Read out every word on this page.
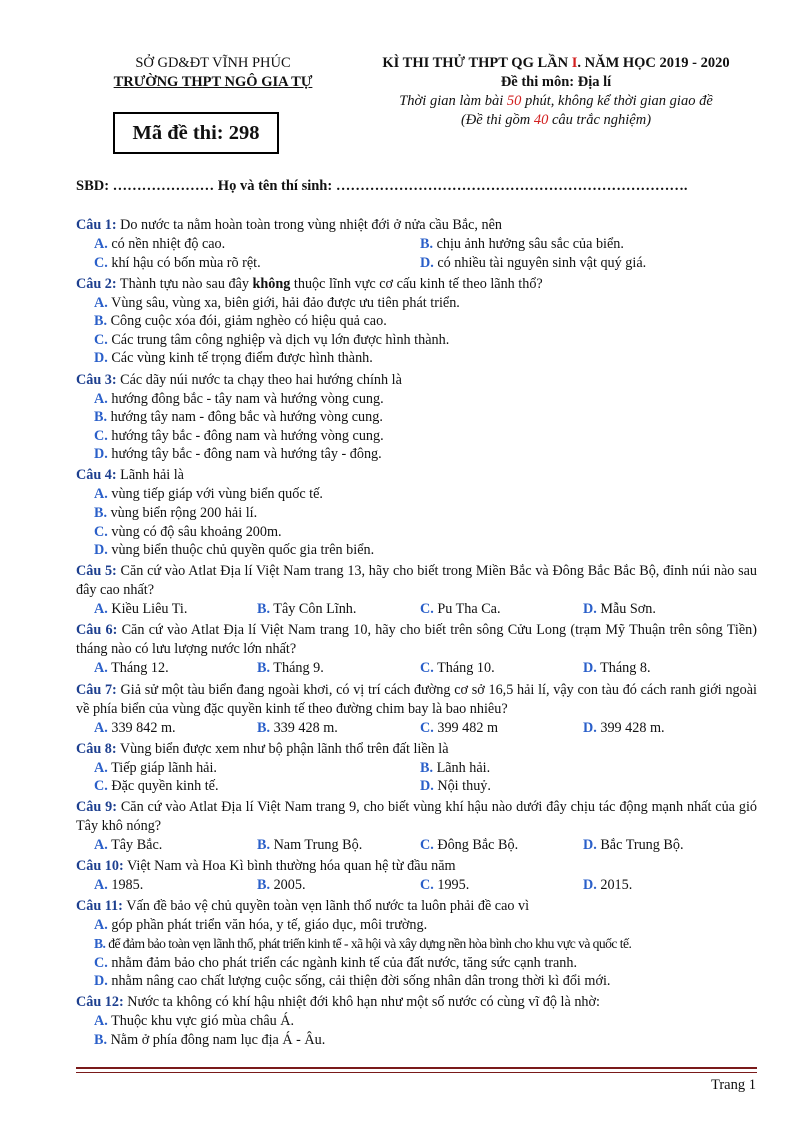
SỞ GD&ĐT VĨNH PHÚC
TRƯỜNG THPT NGÔ GIA TỰ
Mã đề thi: 298
KÌ THI THỬ THPT QG LẦN I. NĂM HỌC 2019 - 2020
Đề thi môn: Địa lí
Thời gian làm bài 50 phút, không kể thời gian giao đề
(Đề thi gồm 40 câu trắc nghiệm)
SBD: ………………… Họ và tên thí sinh: ……………………………………………………………….
Câu 1: Do nước ta nằm hoàn toàn trong vùng nhiệt đới ở nửa cầu Bắc, nên
A. có nền nhiệt độ cao.	B. chịu ảnh hưởng sâu sắc của biển.
C. khí hậu có bốn mùa rõ rệt.	D. có nhiều tài nguyên sinh vật quý giá.
Câu 2: Thành tựu nào sau đây không thuộc lĩnh vực cơ cấu kinh tế theo lãnh thổ?
A. Vùng sâu, vùng xa, biên giới, hải đảo được ưu tiên phát triển.
B. Công cuộc xóa đói, giảm nghèo có hiệu quả cao.
C. Các trung tâm công nghiệp và dịch vụ lớn được hình thành.
D. Các vùng kinh tế trọng điểm được hình thành.
Câu 3: Các dãy núi nước ta chạy theo hai hướng chính là
A. hướng đông bắc - tây nam và hướng vòng cung.
B. hướng tây nam - đông bắc và hướng vòng cung.
C. hướng tây bắc - đông nam và hướng vòng cung.
D. hướng tây bắc - đông nam và hướng tây - đông.
Câu 4: Lãnh hải là
A. vùng tiếp giáp với vùng biển quốc tế.
B. vùng biển rộng 200 hải lí.
C. vùng có độ sâu khoảng 200m.
D. vùng biển thuộc chủ quyền quốc gia trên biển.
Câu 5: Căn cứ vào Atlat Địa lí Việt Nam trang 13, hãy cho biết trong Miền Bắc và Đông Bắc Bắc Bộ, đỉnh núi nào sau đây cao nhất?
A. Kiều Liêu Ti.	B. Tây Côn Lĩnh.	C. Pu Tha Ca.	D. Mẫu Sơn.
Câu 6: Căn cứ vào Atlat Địa lí Việt Nam trang 10, hãy cho biết trên sông Cửu Long (trạm Mỹ Thuận trên sông Tiền) tháng nào có lưu lượng nước lớn nhất?
A. Tháng 12.	B. Tháng 9.	C. Tháng 10.	D. Tháng 8.
Câu 7: Giả sử một tàu biển đang ngoài khơi, có vị trí cách đường cơ sở 16,5 hải lí, vậy con tàu đó cách ranh giới ngoài về phía biển của vùng đặc quyền kinh tế theo đường chim bay là bao nhiêu?
A. 339 842 m.	B. 339 428 m.	C. 399 482 m	D. 399 428 m.
Câu 8: Vùng biển được xem như bộ phận lãnh thổ trên đất liền là
A. Tiếp giáp lãnh hải.	B. Lãnh hải.
C. Đặc quyền kinh tế.	D. Nội thuỷ.
Câu 9: Căn cứ vào Atlat Địa lí Việt Nam trang 9, cho biết vùng khí hậu nào dưới đây chịu tác động mạnh nhất của gió Tây khô nóng?
A. Tây Bắc.	B. Nam Trung Bộ.	C. Đông Bắc Bộ.	D. Bắc Trung Bộ.
Câu 10: Việt Nam và Hoa Kì bình thường hóa quan hệ từ đầu năm
A. 1985.	B. 2005.	C. 1995.	D. 2015.
Câu 11: Vấn đề bảo vệ chủ quyền toàn vẹn lãnh thổ nước ta luôn phải đề cao vì
A. góp phần phát triển văn hóa, y tế, giáo dục, môi trường.
B. để đảm bảo toàn vẹn lãnh thổ, phát triển kinh tế - xã hội và xây dựng nền hòa bình cho khu vực và quốc tế.
C. nhằm đảm bảo cho phát triển các ngành kinh tế của đất nước, tăng sức cạnh tranh.
D. nhằm nâng cao chất lượng cuộc sống, cải thiện đời sống nhân dân trong thời kì đổi mới.
Câu 12: Nước ta không có khí hậu nhiệt đới khô hạn như một số nước có cùng vĩ độ là nhờ:
A. Thuộc khu vực gió mùa châu Á.
B. Nằm ở phía đông nam lục địa Á - Âu.
Trang 1
